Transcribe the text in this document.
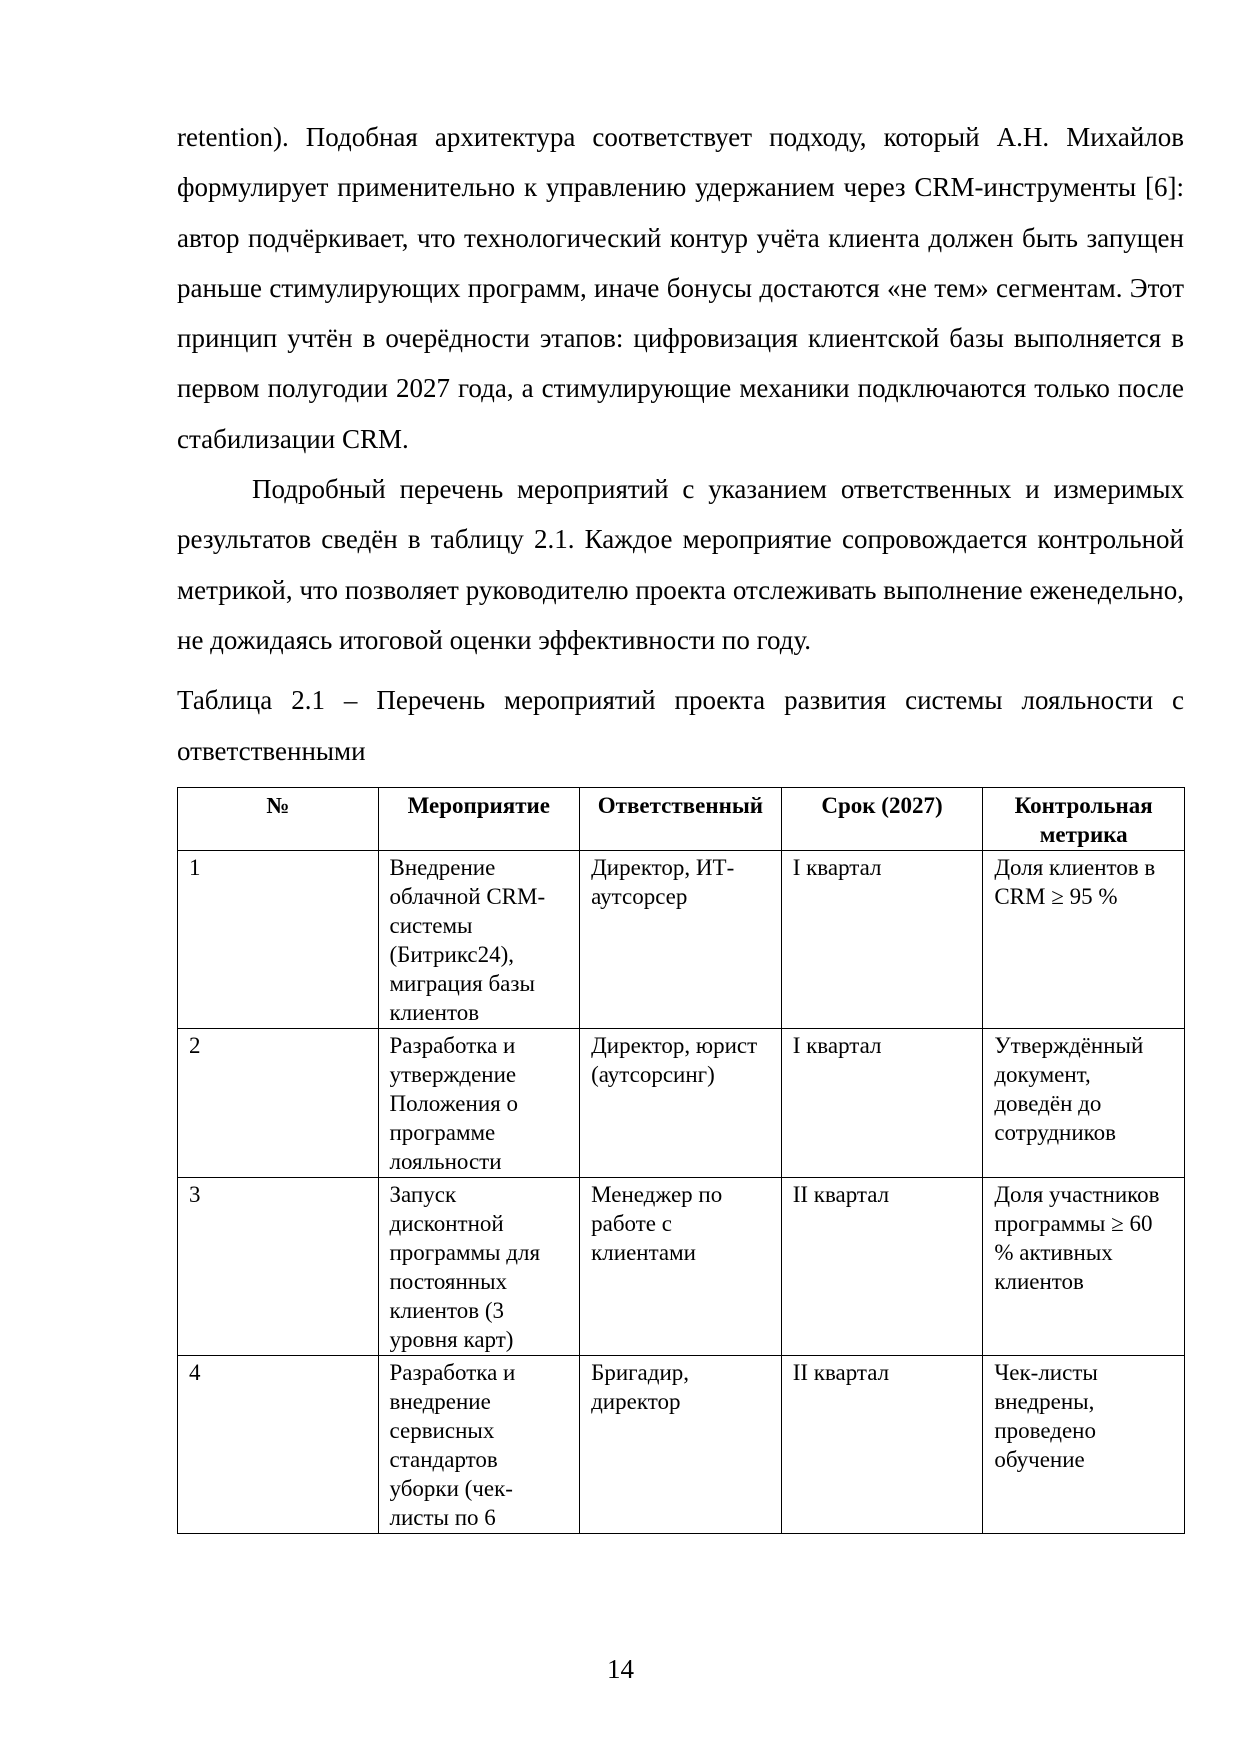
retention). Подобная архитектура соответствует подходу, который А.Н. Михайлов формулирует применительно к управлению удержанием через CRM-инструменты [6]: автор подчёркивает, что технологический контур учёта клиента должен быть запущен раньше стимулирующих программ, иначе бонусы достаются «не тем» сегментам. Этот принцип учтён в очерёдности этапов: цифровизация клиентской базы выполняется в первом полугодии 2027 года, а стимулирующие механики подключаются только после стабилизации CRM.

Подробный перечень мероприятий с указанием ответственных и измеримых результатов сведён в таблицу 2.1. Каждое мероприятие сопровождается контрольной метрикой, что позволяет руководителю проекта отслеживать выполнение еженедельно, не дожидаясь итоговой оценки эффективности по году.

Таблица 2.1 – Перечень мероприятий проекта развития системы лояльности с ответственными

№	Мероприятие	Ответственный	Срок (2027)	Контрольная метрика
1	Внедрение облачной CRM-системы (Битрикс24), миграция базы клиентов	Директор, ИТ-аутсорсер	I квартал	Доля клиентов в CRM ≥ 95 %
2	Разработка и утверждение Положения о программе лояльности	Директор, юрист (аутсорсинг)	I квартал	Утверждённый документ, доведён до сотрудников
3	Запуск дисконтной программы для постоянных клиентов (3 уровня карт)	Менеджер по работе с клиентами	II квартал	Доля участников программы ≥ 60 % активных клиентов
4	Разработка и внедрение сервисных стандартов уборки (чек-листы по 6	Бригадир, директор	II квартал	Чек-листы внедрены, проведено обучение
14
